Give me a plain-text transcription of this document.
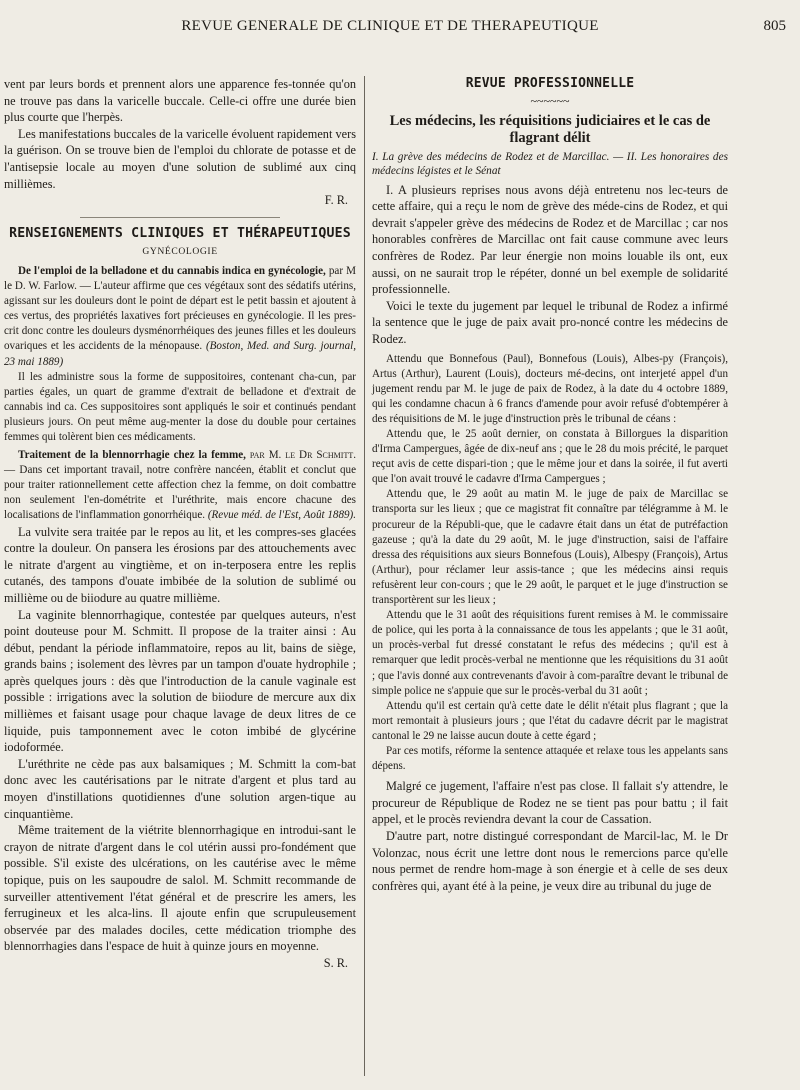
REVUE GENERALE DE CLINIQUE ET DE THERAPEUTIQUE	805

vent par leurs bords et prennent alors une apparence fes-tonnée qu'on ne trouve pas dans la varicelle buccale. Celle-ci offre une durée bien plus courte que l'herpès.

Les manifestations buccales de la varicelle évoluent rapidement vers la guérison. On se trouve bien de l'emploi du chlorate de potasse et de l'antisepsie locale au moyen d'une solution de sublimé aux cinq millièmes.

F. R.
RENSEIGNEMENTS CLINIQUES ET THÉRAPEUTIQUES
GYNÉCOLOGIE

De l'emploi de la belladone et du cannabis indica en gynécologie, par M le D. W. Farlow. — L'auteur affirme que ces végétaux sont des sédatifs utérins, agissant sur les douleurs dont le point de départ est le petit bassin et ajoutent à ces vertus, des propriétés laxatives fort précieuses en gynécologie. Il les pres-crit donc contre les douleurs dysménorrhéiques des jeunes filles et les douleurs ovariques et les accidents de la ménopause. (Boston, Med. and Surg. journal, 23 mai 1889)

Il les administre sous la forme de suppositoires, contenant cha-cun, par parties égales, un quart de gramme d'extrait de belladone et d'extrait de cannabis ind ca. Ces suppositoires sont appliqués le soir et continués pendant plusieurs jours. On peut même aug-menter la dose du double pour certaines femmes qui tolèrent bien ces médicaments.

Traitement de la blennorrhagie chez la femme, par M. le Dr Schmitt. — Dans cet important travail, notre confrère nancéen, établit et conclut que pour traiter rationnellement cette affection chez la femme, on doit combattre non seulement l'en-dométrite et l'uréthrite, mais encore chacune des localisations de l'inflammation gonorrhéique. (Revue méd. de l'Est, Août 1889).

La vulvite sera traitée par le repos au lit, et les compres-ses glacées contre la douleur. On pansera les érosions par des attouchements avec le nitrate d'argent au vingtième, et on in-terposera entre les replis cutanés, des tampons d'ouate imbibée de la solution de sublimé ou millième ou de biiodure au quatre millième.

La vaginite blennorrhagique, contestée par quelques auteurs, n'est point douteuse pour M. Schmitt. Il propose de la traiter ainsi : Au début, pendant la période inflammatoire, repos au lit, bains de siège, grands bains ; isolement des lèvres par un tampon d'ouate hydrophile ; après quelques jours : dès que l'introduction de la canule vaginale est possible : irrigations avec la solution de biiodure de mercure aux dix millièmes et faisant usage pour chaque lavage de deux litres de ce liquide, puis tamponnement avec le coton imbibé de glycérine iodoformée.

L'uréthrite ne cède pas aux balsamiques ; M. Schmitt la com-bat donc avec les cautérisations par le nitrate d'argent et plus tard au moyen d'instillations quotidiennes d'une solution argen-tique au cinquantième.

Même traitement de la viétrite blennorrhagique en introdui-sant le crayon de nitrate d'argent dans le col utérin aussi pro-fondément que possible. S'il existe des ulcérations, on les cautérise avec le même topique, puis on les saupoudre de salol. M. Schmitt recommande de surveiller attentivement l'état général et de prescrire les amers, les ferrugineux et les alca-lins. Il ajoute enfin que scrupuleusement observée par des malades dociles, cette médication triomphe des blennorrhagies dans l'espace de huit à quinze jours en moyenne.

S. R.
REVUE PROFESSIONNELLE
~~~~~~
Les médecins, les réquisitions judiciaires et le cas de flagrant délit

I. La grève des médecins de Rodez et de Marcillac. — II. Les honoraires des médecins légistes et le Sénat

I. A plusieurs reprises nous avons déjà entretenu nos lec-teurs de cette affaire, qui a reçu le nom de grève des méde-cins de Rodez, et qui devrait s'appeler grève des médecins de Rodez et de Marcillac ; car nos honorables confrères de Marcillac ont fait cause commune avec leurs confrères de Rodez. Par leur énergie non moins louable ils ont, eux aussi, on ne saurait trop le répéter, donné un bel exemple de solidarité professionnelle.

Voici le texte du jugement par lequel le tribunal de Rodez a infirmé la sentence que le juge de paix avait pro-noncé contre les médecins de Rodez.

Attendu que Bonnefous (Paul), Bonnefous (Louis), Albes-py (François), Artus (Arthur), Laurent (Louis), docteurs mé-decins, ont interjeté appel d'un jugement rendu par M. le juge de paix de Rodez, à la date du 4 octobre 1889, qui les condamne chacun à 6 francs d'amende pour avoir refusé d'obtempérer à des réquisitions de M. le juge d'instruction près le tribunal de céans :

Attendu que, le 25 août dernier, on constata à Billorgues la disparition d'Irma Campergues, âgée de dix-neuf ans ; que le 28 du mois précité, le parquet reçut avis de cette dispari-tion ; que le même jour et dans la soirée, il fut averti que l'on avait trouvé le cadavre d'Irma Campergues ;

Attendu que, le 29 août au matin M. le juge de paix de Marcillac se transporta sur les lieux ; que ce magistrat fit connaître par télégramme à M. le procureur de la Républi-que, que le cadavre était dans un état de putréfaction gazeuse ; qu'à la date du 29 août, M. le juge d'instruction, saisi de l'affaire dressa des réquisitions aux sieurs Bonnefous (Louis), Albespy (François), Artus (Arthur), pour réclamer leur assis-tance ; que les médecins ainsi requis refusèrent leur con-cours ; que le 29 août, le parquet et le juge d'instruction se transportèrent sur les lieux ;

Attendu que le 31 août des réquisitions furent remises à M. le commissaire de police, qui les porta à la connaissance de tous les appelants ; que le 31 août, un procès-verbal fut dressé constatant le refus des médecins ; qu'il est à remarquer que ledit procès-verbal ne mentionne que les réquisitions du 31 août ; que l'avis donné aux contrevenants d'avoir à com-paraître devant le tribunal de simple police ne s'appuie que sur le procès-verbal du 31 août ;

Attendu qu'il est certain qu'à cette date le délit n'était plus flagrant ; que la mort remontait à plusieurs jours ; que l'état du cadavre décrit par le magistrat cantonal le 29 ne laisse aucun doute à cette égard ;

Par ces motifs, réforme la sentence attaquée et relaxe tous les appelants sans dépens.

Malgré ce jugement, l'affaire n'est pas close. Il fallait s'y attendre, le procureur de République de Rodez ne se tient pas pour battu ; il fait appel, et le procès reviendra devant la cour de Cassation.

D'autre part, notre distingué correspondant de Marcil-lac, M. le Dr Volonzac, nous écrit une lettre dont nous le remercions parce qu'elle nous permet de rendre hom-mage à son énergie et à celle de ses deux confrères qui, ayant été à la peine, je veux dire au tribunal du juge de
